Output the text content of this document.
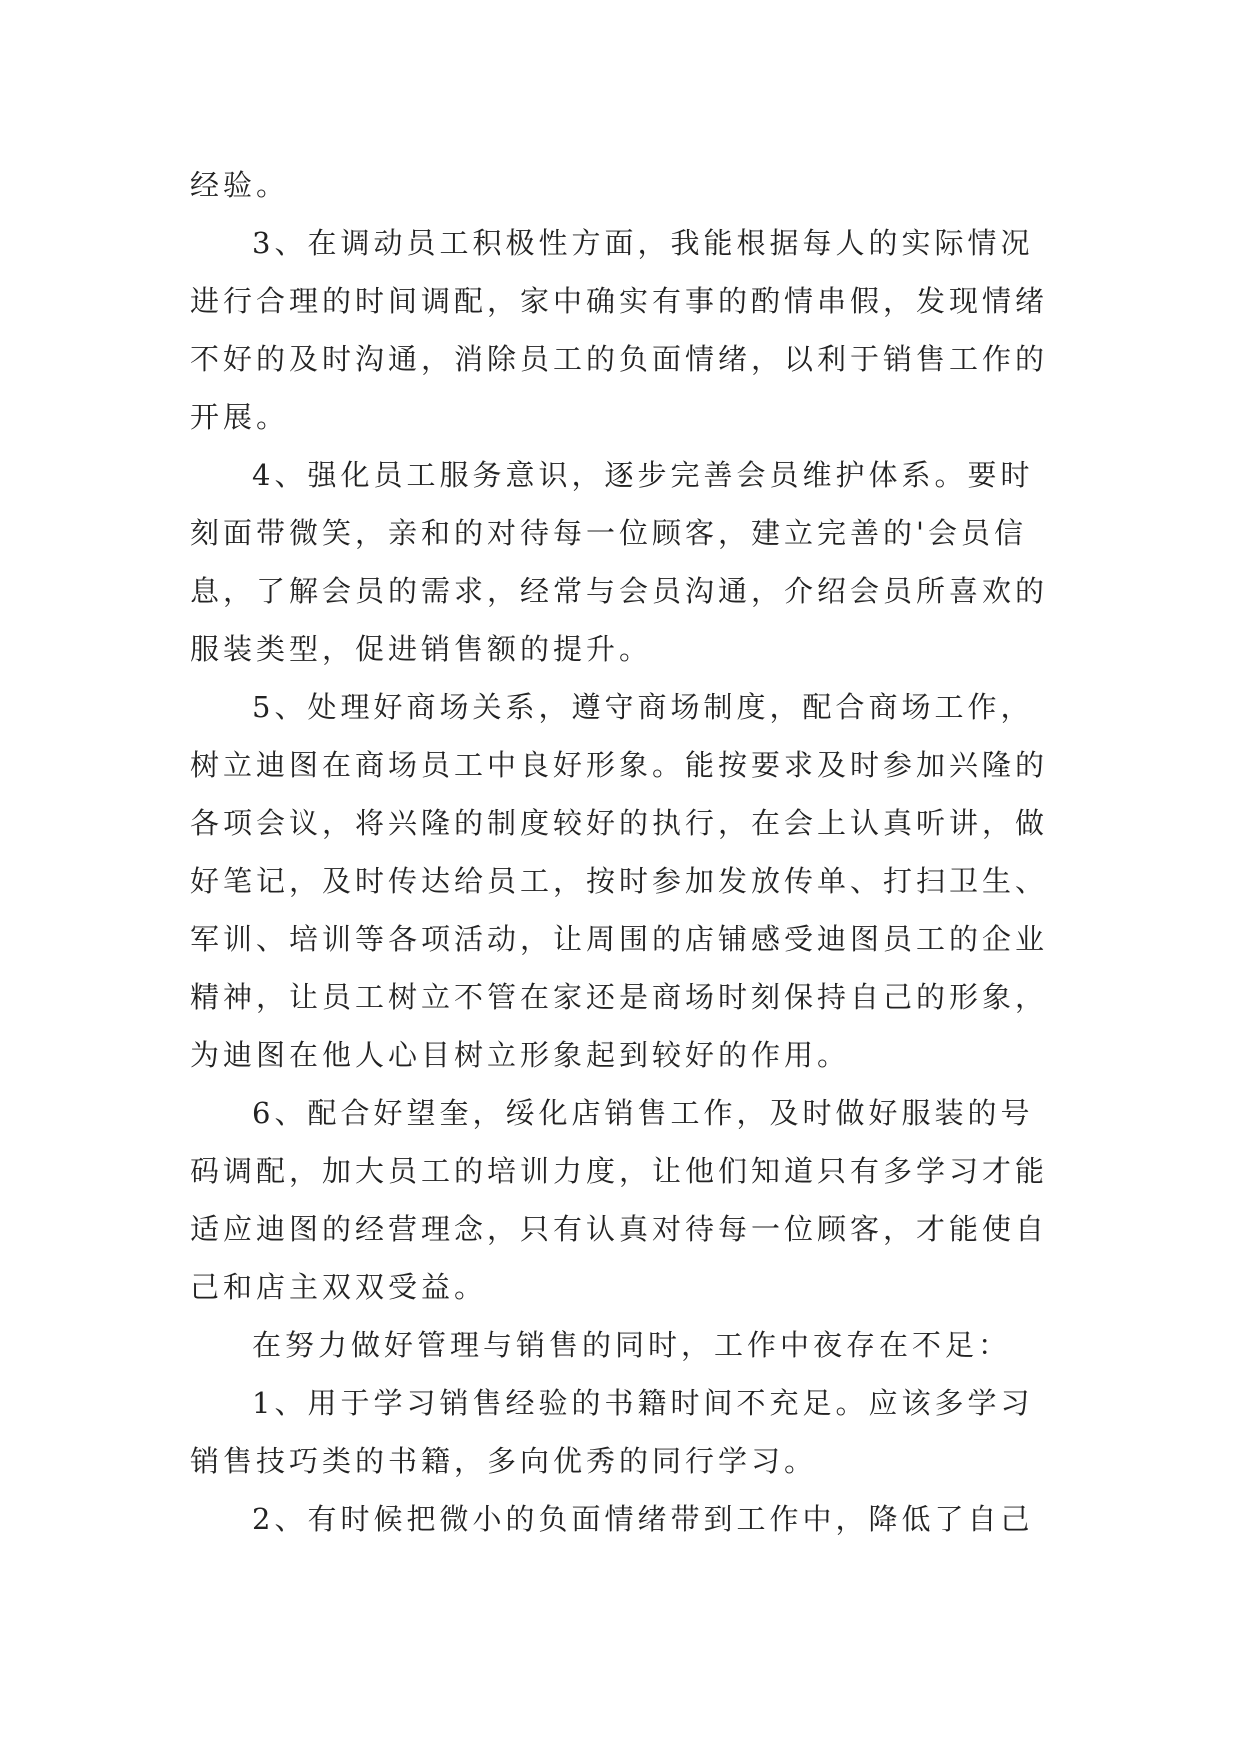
经验。
3、在调动员工积极性方面，我能根据每人的实际情况
进行合理的时间调配，家中确实有事的酌情串假，发现情绪
不好的及时沟通，消除员工的负面情绪，以利于销售工作的
开展。
4、强化员工服务意识，逐步完善会员维护体系。要时
刻面带微笑，亲和的对待每一位顾客，建立完善的'会员信
息，了解会员的需求，经常与会员沟通，介绍会员所喜欢的
服装类型，促进销售额的提升。
5、处理好商场关系，遵守商场制度，配合商场工作，
树立迪图在商场员工中良好形象。能按要求及时参加兴隆的
各项会议，将兴隆的制度较好的执行，在会上认真听讲，做
好笔记，及时传达给员工，按时参加发放传单、打扫卫生、
军训、培训等各项活动，让周围的店铺感受迪图员工的企业
精神，让员工树立不管在家还是商场时刻保持自己的形象，
为迪图在他人心目树立形象起到较好的作用。
6、配合好望奎，绥化店销售工作，及时做好服装的号
码调配，加大员工的培训力度，让他们知道只有多学习才能
适应迪图的经营理念，只有认真对待每一位顾客，才能使自
己和店主双双受益。
在努力做好管理与销售的同时，工作中夜存在不足：
1、用于学习销售经验的书籍时间不充足。应该多学习
销售技巧类的书籍，多向优秀的同行学习。
2、有时候把微小的负面情绪带到工作中，降低了自己
